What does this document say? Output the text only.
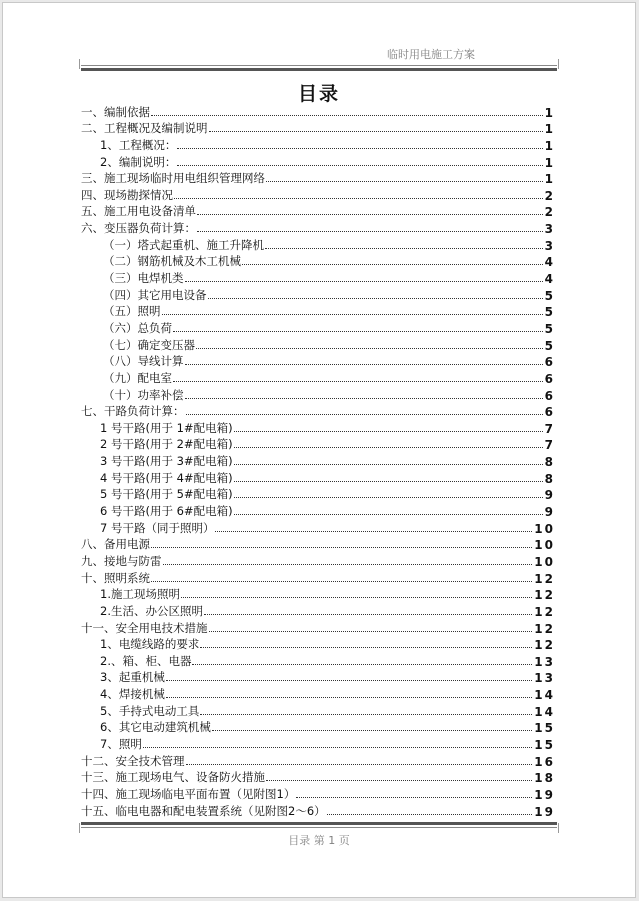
临时用电施工方案
目录
一、编制依据	1
二、工程概况及编制说明	1
1、工程概况：	1
2、编制说明：	1
三、施工现场临时用电组织管理网络	1
四、现场勘探情况	2
五、施工用电设备清单	2
六、变压器负荷计算：	3
（一）塔式起重机、施工升降机	3
（二）钢筋机械及木工机械	4
（三）电焊机类	4
（四）其它用电设备	5
（五）照明	5
（六）总负荷	5
（七）确定变压器	5
（八）导线计算	6
（九）配电室	6
（十）功率补偿	6
七、干路负荷计算：	6
1 号干路(用于 1#配电箱)	7
2 号干路(用于 2#配电箱)	7
3 号干路(用于 3#配电箱)	8
4 号干路(用于 4#配电箱)	8
5 号干路(用于 5#配电箱)	9
6 号干路(用于 6#配电箱)	9
7 号干路（同于照明）	10
八、备用电源	10
九、接地与防雷	10
十、照明系统	12
1.施工现场照明	12
2.生活、办公区照明	12
十一、安全用电技术措施	12
1、电缆线路的要求	12
2.、箱、柜、电器	13
3、起重机械	13
4、焊接机械	14
5、手持式电动工具	14
6、其它电动建筑机械	15
7、照明	15
十二、安全技术管理	16
十三、施工现场电气、设备防火措施	18
十四、施工现场临电平面布置（见附图1）	19
十五、临电电器和配电装置系统（见附图2～6）	19
目录 第 1 页
